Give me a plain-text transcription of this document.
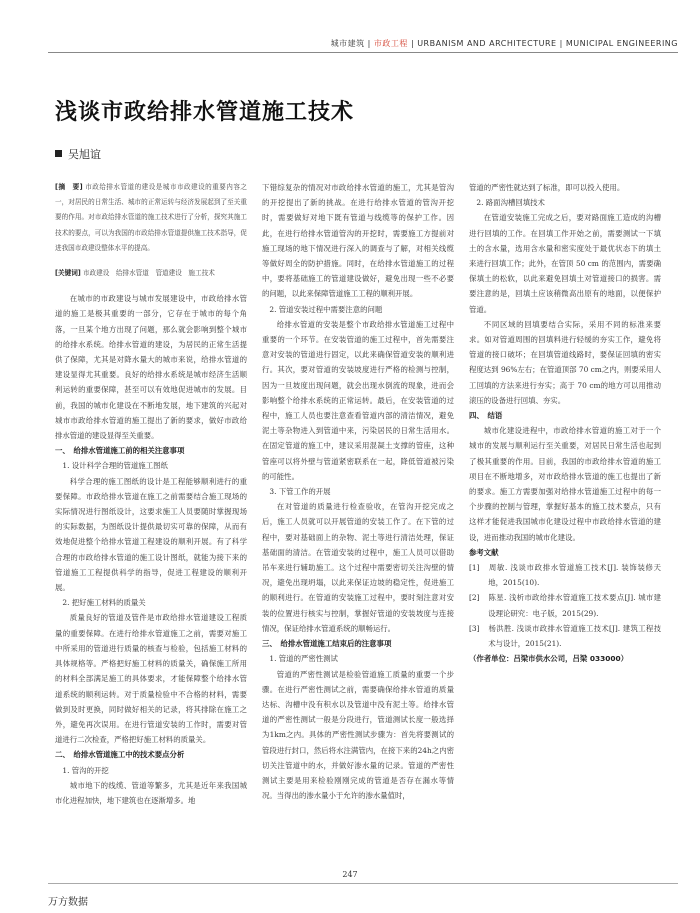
城市建筑 | 市政工程 | URBANISM AND ARCHITECTURE | MUNICIPAL ENGINEERING
浅谈市政给排水管道施工技术
吴旭谊

[摘　要] 市政给排水管道的建设是城市市政建设的重要内容之一，对居民的日常生活、城市的正常运转与经济发展起到了至关重要的作用。对市政给排水管道的施工技术进行了分析，探究其施工技术的要点，可以为我国的市政给排水管道提供施工技术指导，促进我国市政建设整体水平的提高。

[关键词] 市政建设　给排水管道　管道建设　施工技术

在城市的市政建设与城市发展建设中，市政给排水管道的施工是极其重要的一部分，它存在于城市的每个角落，一旦某个地方出现了问题，那么就会影响到整个城市的给排水系统。给排水管道的建设，为居民的正常生活提供了保障，尤其是对降水量大的城市来说，给排水管道的建设显得尤其重要。良好的给排水系统是城市经济生活顺利运转的重要保障，甚至可以有效地促进城市的发展。目前，我国的城市化建设在不断地发展，地下建筑的兴起对城市市政给排水管道的施工提出了新的要求，做好市政给排水管道的建设显得至关重要。

一、　给排水管道施工前的相关注意事项

1. 设计科学合理的管道施工图纸

科学合理的施工图纸的设计是工程能够顺利进行的重要保障。市政给排水管道在施工之前需要结合施工现场的实际情况进行图纸设计，这要求施工人员要随时掌握现场的实际数据，为图纸设计提供最切实可靠的保障，从而有效地促进整个给排水管道工程建设的顺利开展。有了科学合理的市政给排水管道的施工设计图纸，就能为接下来的管道施工工程提供科学的指导，促进工程建设的顺利开展。

2. 把好施工材料的质量关

质量良好的管道及管件是市政给排水管道建设工程质量的重要保障。在进行给排水管道施工之前，需要对施工中所采用的管道进行质量的核查与检验，包括施工材料的具体规格等。严格把好施工材料的质量关，确保施工所用的材料全部满足施工的具体要求，才能保障整个给排水管道系统的顺利运转。对于质量检验中不合格的材料，需要做到及时更换，同时做好相关的记录，将其排除在施工之外，避免再次误用。在进行管道安装的工作时，需要对管道进行二次检查，严格把好施工材料的质量关。

二、　给排水管道施工中的技术要点分析

1. 管沟的开挖

城市地下的线缆、管道等繁多，尤其是近年来我国城市化进程加快，地下建筑也在逐渐增多。地

下错综复杂的情况对市政给排水管道的施工，尤其是管沟的开挖提出了新的挑战。在进行给排水管道的管沟开挖时，需要做好对地下既有管道与线缆等的保护工作。因此，在进行给排水管道管沟的开挖时，需要施工方提前对施工现场的地下情况进行深入的调查与了解，对相关线缆等做好周全的防护措施。同时，在给排水管道施工的过程中，要将基础施工的管道建设做好，避免出现一些不必要的问题，以此来保障管道施工工程的顺利开展。

2. 管道安装过程中需要注意的问题

给排水管道的安装是整个市政给排水管道施工过程中重要的一个环节。在安装管道的施工过程中，首先需要注意对安装的管道进行固定，以此来确保管道安装的顺利进行。其次，要对管道的安装坡度进行严格的检测与控制，因为一旦坡度出现问题，就会出现水倒流的现象，进而会影响整个给排水系统的正常运转。最后，在安装管道的过程中，施工人员也要注意查看管道内部的清洁情况，避免泥土等杂物进入到管道中来，污染居民的日常生活用水。在固定管道的施工中，建议采用混凝土支撑的管座，这种管座可以将外壁与管道紧密联系在一起，降低管道被污染的可能性。

3. 下管工作的开展

在对管道的质量进行检查验收，在管沟开挖完成之后，施工人员就可以开展管道的安装工作了。在下管的过程中，要对基础面上的杂物、泥土等进行清洁处理，保证基础面的清洁。在管道安装的过程中，施工人员可以借助吊车来进行辅助施工。这个过程中需要密切关注沟壁的情况，避免出现坍塌，以此来保证边坡的稳定性，促进施工的顺利进行。在管道的安装施工过程中，要时刻注意对安装的位置进行核实与控制，掌握好管道的安装坡度与连接情况，保证给排水管道系统的顺畅运行。

三、　给排水管道施工结束后的注意事项

1. 管道的严密性测试

管道的严密性测试是检验管道施工质量的重要一个步骤。在进行严密性测试之前，需要确保给排水管道的质量达标、沟槽中没有积水以及管道中没有泥土等。给排水管道的严密性测试一般是分段进行，管道测试长度一般选择为1km之内。具体的严密性测试步骤为：首先将要测试的管段进行封口，然后将水注满管内，在接下来的24h之内密切关注管道中的水，并做好渗水量的记录。管道的严密性测试主要是用来检验刚刚完成的管道是否存在漏水等情况。当得出的渗水量小于允许的渗水量值时，

管道的严密性就达到了标准，即可以投入使用。

2. 路面沟槽回填技术

在管道安装施工完成之后，要对路面施工造成的沟槽进行回填的工作。在回填工作开始之前，需要测试一下填土的含水量，选用含水量和密实度处于最优状态下的填土来进行回填工作；此外，在管顶 50 cm 的范围内，需要确保填土的松软，以此来避免回填土对管道接口的损害。需要注意的是，回填土应该稍微高出原有的地面，以便保护管道。

不同区域的回填要结合实际，采用不同的标准来要求。如对管道周围的回填料进行轻缓的夯实工作，避免将管道的接口破坏；在回填管道线路时，要保证回填的密实程度达到 96%左右；在管道顶部 70 cm之内，则要采用人工回填的方法来进行夯实；高于 70 cm的地方可以用推动滚压的设备进行回填、夯实。

四、　结语

城市化建设进程中，市政给排水管道的施工对于一个城市的发展与顺利运行至关重要，对居民日常生活也起到了极其重要的作用。目前，我国的市政给排水管道的施工项目在不断地增多，对市政给排水管道的施工也提出了新的要求。施工方需要加强对给排水管道施工过程中的每一个步骤的控制与管理，掌握好基本的施工技术要点，只有这样才能促进我国城市化建设过程中市政给排水管道的建设，进而推动我国的城市化建设。

参考文献

[1] 周敏. 浅谈市政排水管道施工技术[J]. 装饰装修天地，2015(10).

[2] 陈星. 浅析市政给排水管道施工技术要点[J]. 城市建设理论研究：电子版，2015(29).

[3] 杨洪胜. 浅谈市政排水管道施工技术[J]. 建筑工程技术与设计，2015(21).

（作者单位：吕梁市供水公司，吕梁 033000）

247
万方数据
